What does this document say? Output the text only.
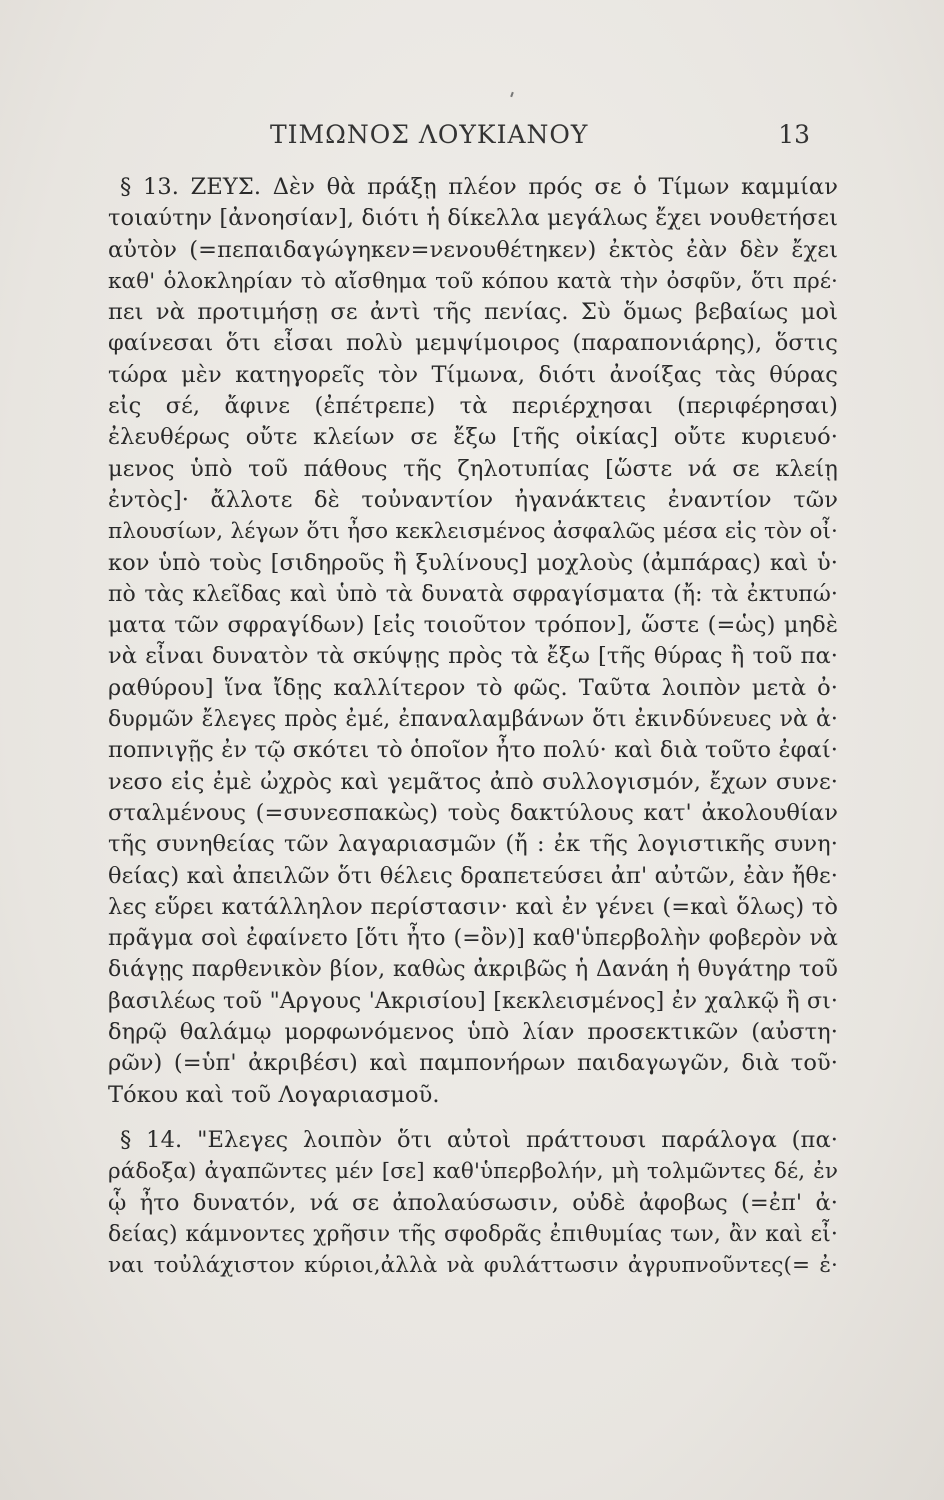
ΤΙΜΩΝΟΣ ΛΟΥΚΙΑΝΟΥ	13
§ 13. ΖΕΥΣ. Δὲν θὰ πράξῃ πλέον πρός σε ὁ Τίμων καμμίαν
τοιαύτην [ἀνοησίαν], διότι ἡ δίκελλα μεγάλως ἔχει νουθετήσει
αὐτὸν (=πεπαιδαγώγηκεν=νενουθέτηκεν) ἐκτὸς ἐὰν δὲν ἔχει
καθ' ὁλοκληρίαν τὸ αἴσθημα τοῦ κόπου κατὰ τὴν ὀσφῦν, ὅτι πρέ·
πει νὰ προτιμήσῃ σε ἀντὶ τῆς πενίας. Σὺ ὅμως βεβαίως μοὶ
φαίνεσαι ὅτι εἶσαι πολὺ μεμψίμοιρος (παραπονιάρης), ὅστις
τώρα μὲν κατηγορεῖς τὸν Τίμωνα, διότι ἀνοίξας τὰς θύρας
εἰς σέ, ἄφινε (ἐπέτρεπε) τὰ περιέρχησαι (περιφέρησαι)
ἐλευθέρως οὔτε κλείων σε ἔξω [τῆς οἰκίας] οὔτε κυριευό·
μενος ὑπὸ τοῦ πάθους τῆς ζηλοτυπίας [ὥστε νά σε κλείῃ
ἐντὸς]· ἄλλοτε δὲ τοὐναντίον ἠγανάκτεις ἐναντίον τῶν
πλουσίων, λέγων ὅτι ἦσο κεκλεισμένος ἀσφαλῶς μέσα εἰς τὸν οἶ·
κον ὑπὸ τοὺς [σιδηροῦς ἢ ξυλίνους] μοχλοὺς (ἀμπάρας) καὶ ὑ·
πὸ τὰς κλεῖδας καὶ ὑπὸ τὰ δυνατὰ σφραγίσματα (ἤ: τὰ ἐκτυπώ·
ματα τῶν σφραγίδων) [εἰς τοιοῦτον τρόπον], ὥστε (=ὡς) μηδὲ
νὰ εἶναι δυνατὸν τὰ σκύψῃς πρὸς τὰ ἔξω [τῆς θύρας ἢ τοῦ πα·
ραθύρου] ἵνα ἴδῃς καλλίτερον τὸ φῶς. Ταῦτα λοιπὸν μετὰ ὀ·
δυρμῶν ἔλεγες πρὸς ἐμέ, ἐπαναλαμβάνων ὅτι ἐκινδύνευες νὰ ἀ·
ποπνιγῇς ἐν τῷ σκότει τὸ ὁποῖον ἦτο πολύ· καὶ διὰ τοῦτο ἐφαί·
νεσο εἰς ἐμὲ ὠχρὸς καὶ γεμᾶτος ἀπὸ συλλογισμόν, ἔχων συνε·
σταλμένους (=συνεσπακὼς) τοὺς δακτύλους κατ' ἀκολουθίαν
τῆς συνηθείας τῶν λαγαριασμῶν (ἤ : ἐκ τῆς λογιστικῆς συνη·
θείας) καὶ ἀπειλῶν ὅτι θέλεις δραπετεύσει ἀπ' αὐτῶν, ἐὰν ἤθε·
λες εὕρει κατάλληλον περίστασιν· καὶ ἐν γένει (=καὶ ὅλως) τὸ
πρᾶγμα σοὶ ἐφαίνετο [ὅτι ἦτο (=ὂν)] καθ'ὑπερβολὴν φοβερὸν νὰ
διάγῃς παρθενικὸν βίον, καθὼς ἀκριβῶς ἡ Δανάη ἡ θυγάτηρ τοῦ
βασιλέως τοῦ "Αργους 'Ακρισίου] [κεκλεισμένος] ἐν χαλκῷ ἢ σι·
δηρῷ θαλάμῳ μορφωνόμενος ὑπὸ λίαν προσεκτικῶν (αὐστη·
ρῶν) (=ὑπ' ἀκριβέσι) καὶ παμπονήρων παιδαγωγῶν, διὰ τοῦ·
Τόκου καὶ τοῦ Λογαριασμοῦ.
§ 14. "Ελεγες λοιπὸν ὅτι αὐτοὶ πράττουσι παράλογα (πα·
ράδοξα) ἀγαπῶντες μέν [σε] καθ'ὑπερβολήν, μὴ τολμῶντες δέ, ἐν
ᾧ ἦτο δυνατόν, νά σε ἀπολαύσωσιν, οὐδὲ ἀφοβως (=ἐπ' ἀ·
δείας) κάμνοντες χρῆσιν τῆς σφοδρᾶς ἐπιθυμίας των, ἂν καὶ εἶ·
ναι τοὐλάχιστον κύριοι,ἀλλὰ νὰ φυλάττωσιν ἀγρυπνοῦντες(= ἐ·
